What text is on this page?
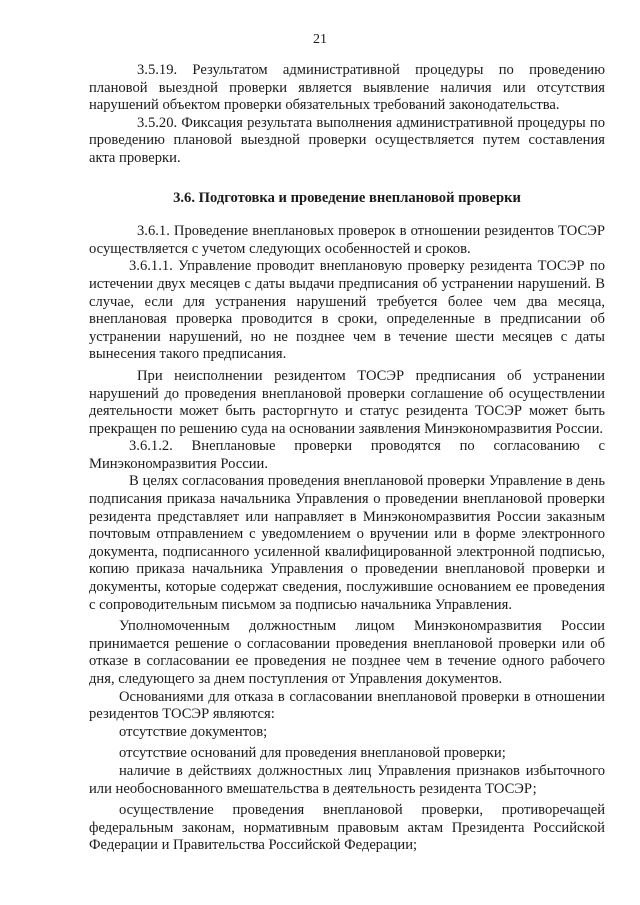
21

3.5.19. Результатом административной процедуры по проведению плановой выездной проверки является выявление наличия или отсутствия нарушений объектом проверки обязательных требований законодательства.

3.5.20. Фиксация результата выполнения административной процедуры по проведению плановой выездной проверки осуществляется путем составления акта проверки.

3.6. Подготовка и проведение внеплановой проверки

3.6.1. Проведение внеплановых проверок в отношении резидентов ТОСЭР осуществляется с учетом следующих особенностей и сроков.

3.6.1.1. Управление проводит внеплановую проверку резидента ТОСЭР по истечении двух месяцев с даты выдачи предписания об устранении нарушений. В случае, если для устранения нарушений требуется более чем два месяца, внеплановая проверка проводится в сроки, определенные в предписании об устранении нарушений, но не позднее чем в течение шести месяцев с даты вынесения такого предписания.

При неисполнении резидентом ТОСЭР предписания об устранении нарушений до проведения внеплановой проверки соглашение об осуществлении деятельности может быть расторгнуто и статус резидента ТОСЭР может быть прекращен по решению суда на основании заявления Минэкономразвития России.

3.6.1.2. Внеплановые проверки проводятся по согласованию с Минэкономразвития России.

В целях согласования проведения внеплановой проверки Управление в день подписания приказа начальника Управления о проведении внеплановой проверки резидента представляет или направляет в Минэкономразвития России заказным почтовым отправлением с уведомлением о вручении или в форме электронного документа, подписанного усиленной квалифицированной электронной подписью, копию приказа начальника Управления о проведении внеплановой проверки и документы, которые содержат сведения, послужившие основанием ее проведения с сопроводительным письмом за подписью начальника Управления.

Уполномоченным должностным лицом Минэкономразвития России принимается решение о согласовании проведения внеплановой проверки или об отказе в согласовании ее проведения не позднее чем в течение одного рабочего дня, следующего за днем поступления от Управления документов.

Основаниями для отказа в согласовании внеплановой проверки в отношении резидентов ТОСЭР являются:

отсутствие документов;

отсутствие оснований для проведения внеплановой проверки;

наличие в действиях должностных лиц Управления признаков избыточного или необоснованного вмешательства в деятельность резидента ТОСЭР;

осуществление проведения внеплановой проверки, противоречащей федеральным законам, нормативным правовым актам Президента Российской Федерации и Правительства Российской Федерации;
